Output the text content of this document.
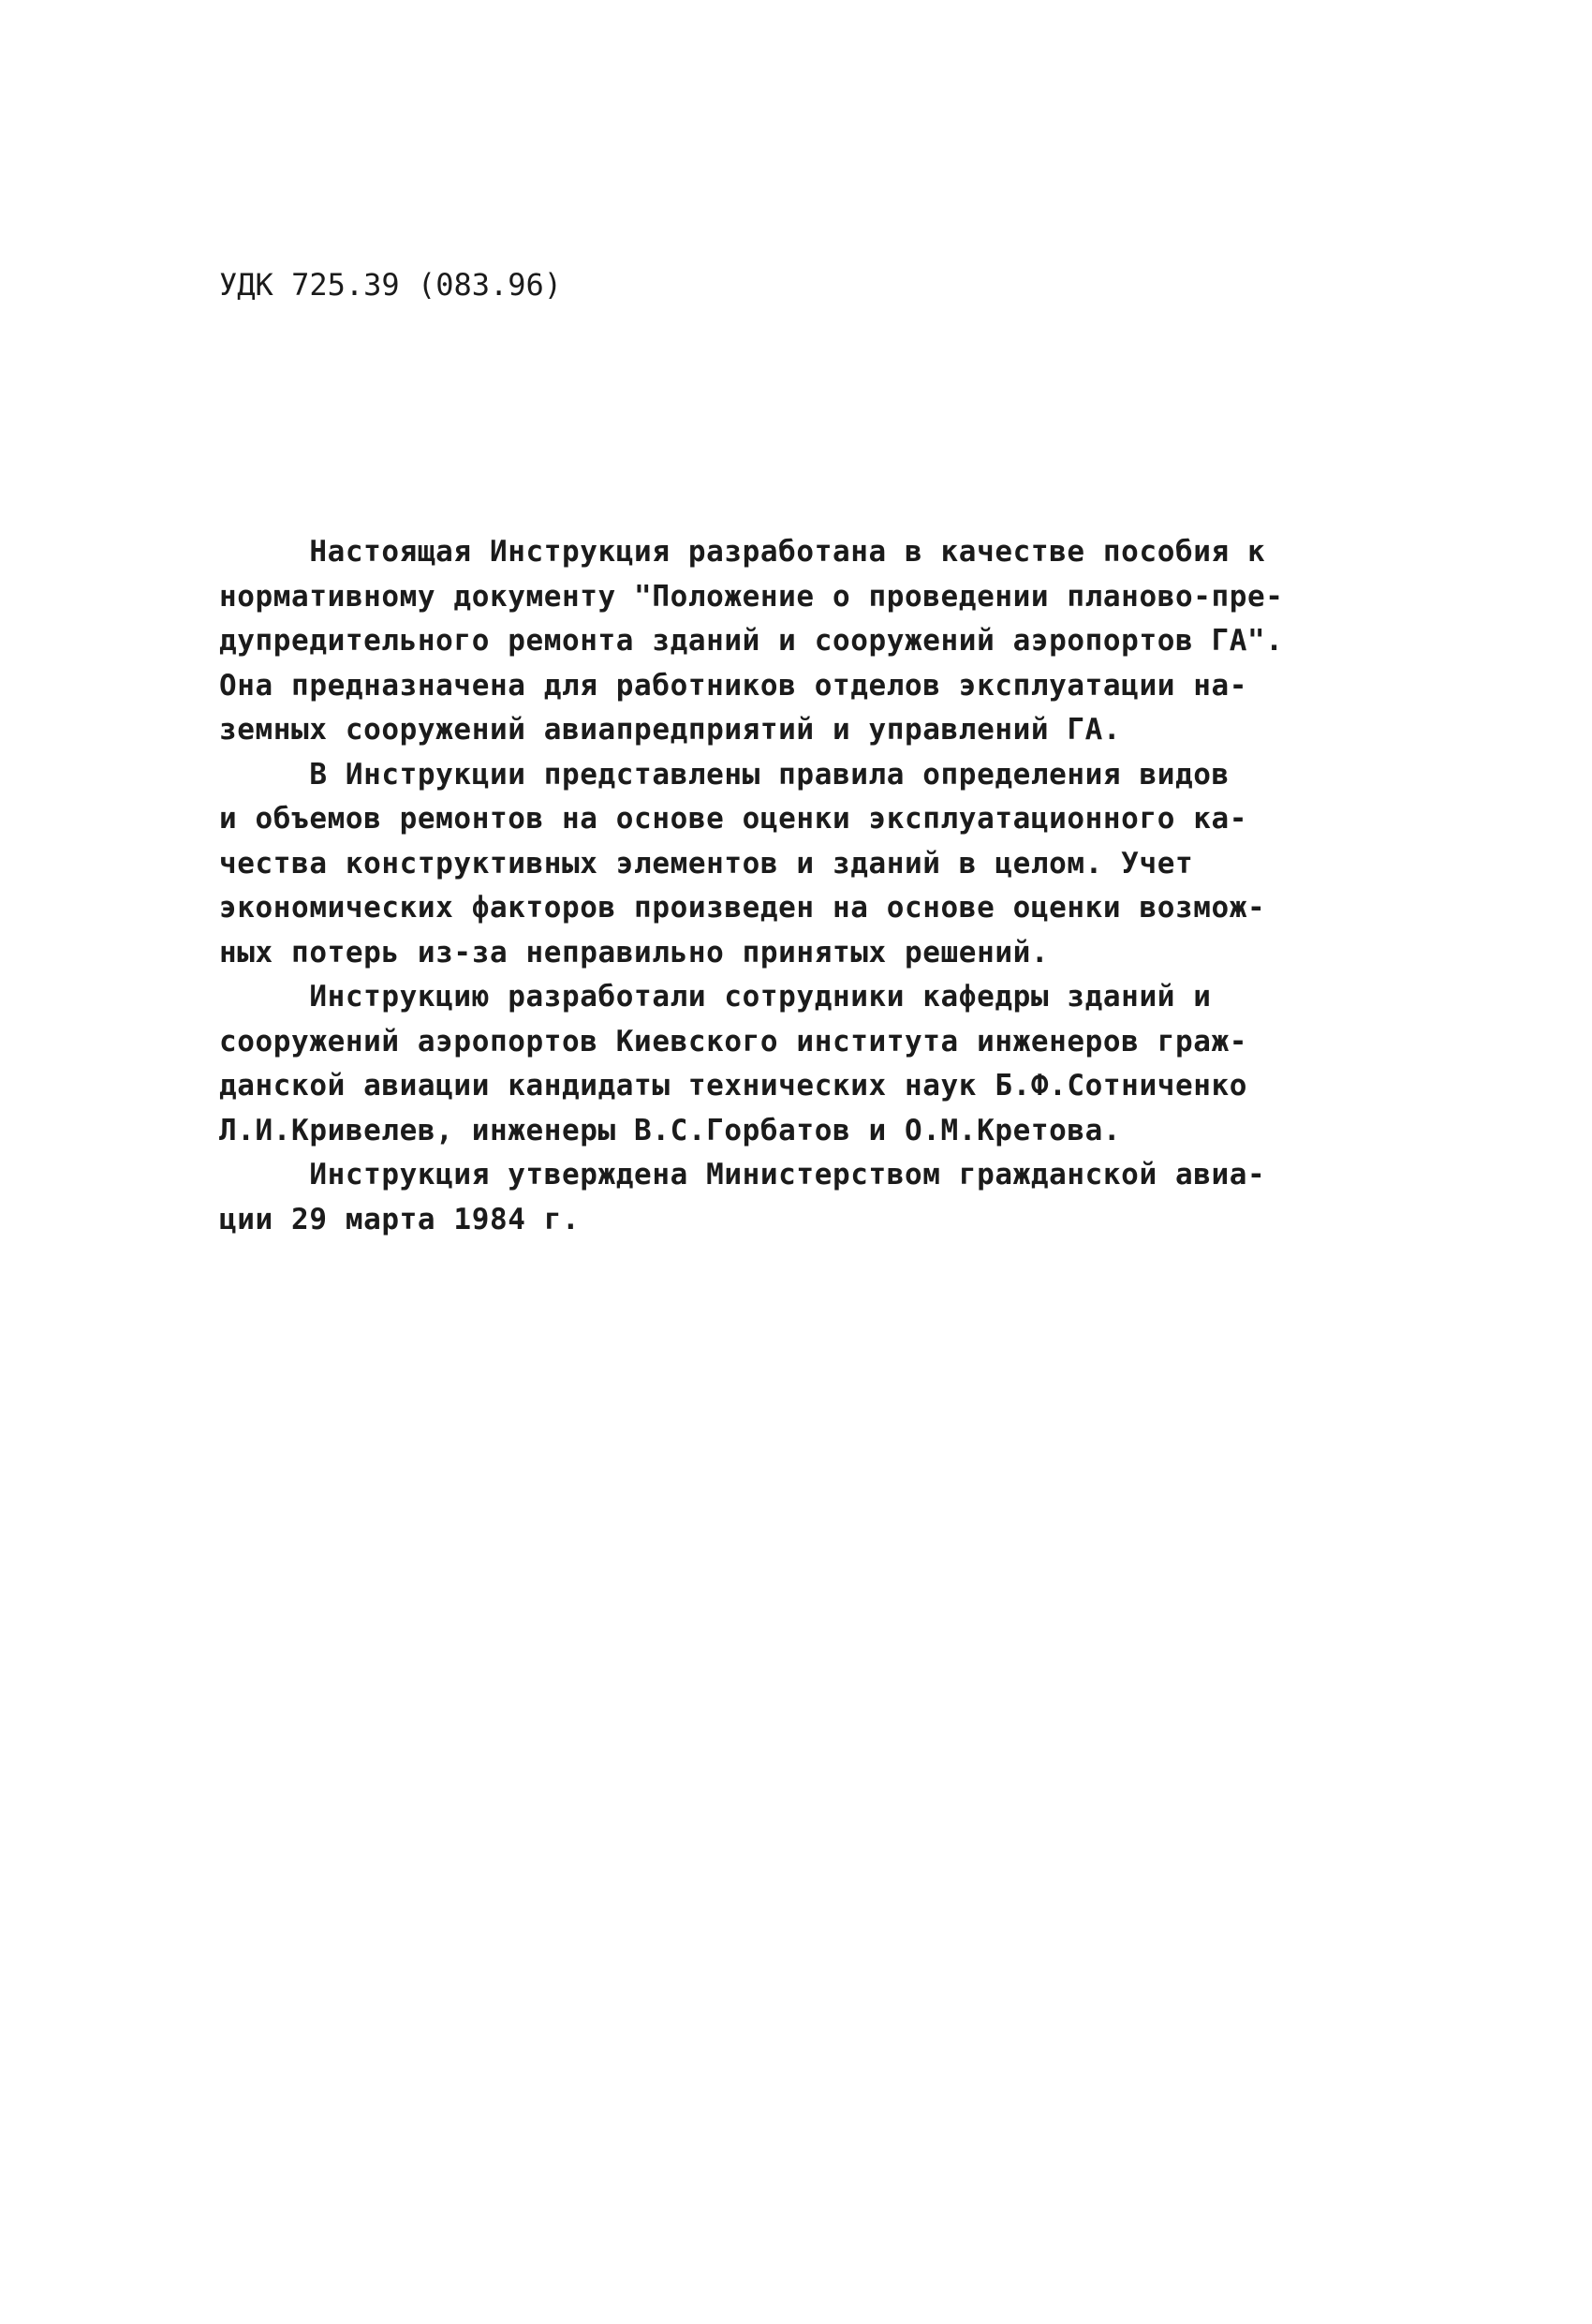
УДК 725.39 (083.96)
Настоящая Инструкция разработана в качестве пособия к
нормативному документу "Положение о проведении планово-пре-
дупредительного ремонта зданий и сооружений аэропортов ГА".
Она предназначена для работников отделов эксплуатации на-
земных сооружений авиапредприятий и управлений ГА.
В Инструкции представлены правила определения видов
и объемов ремонтов на основе оценки эксплуатационного ка-
чества конструктивных элементов и зданий в целом. Учет
экономических факторов произведен на основе оценки возмож-
ных потерь из-за неправильно принятых решений.
Инструкцию разработали сотрудники кафедры зданий и
сооружений аэропортов Киевского института инженеров граж-
данской авиации кандидаты технических наук Б.Ф.Сотниченко
Л.И.Кривелев, инженеры В.С.Горбатов и О.М.Кретова.
Инструкция утверждена Министерством гражданской авиа-
ции 29 марта 1984 г.
